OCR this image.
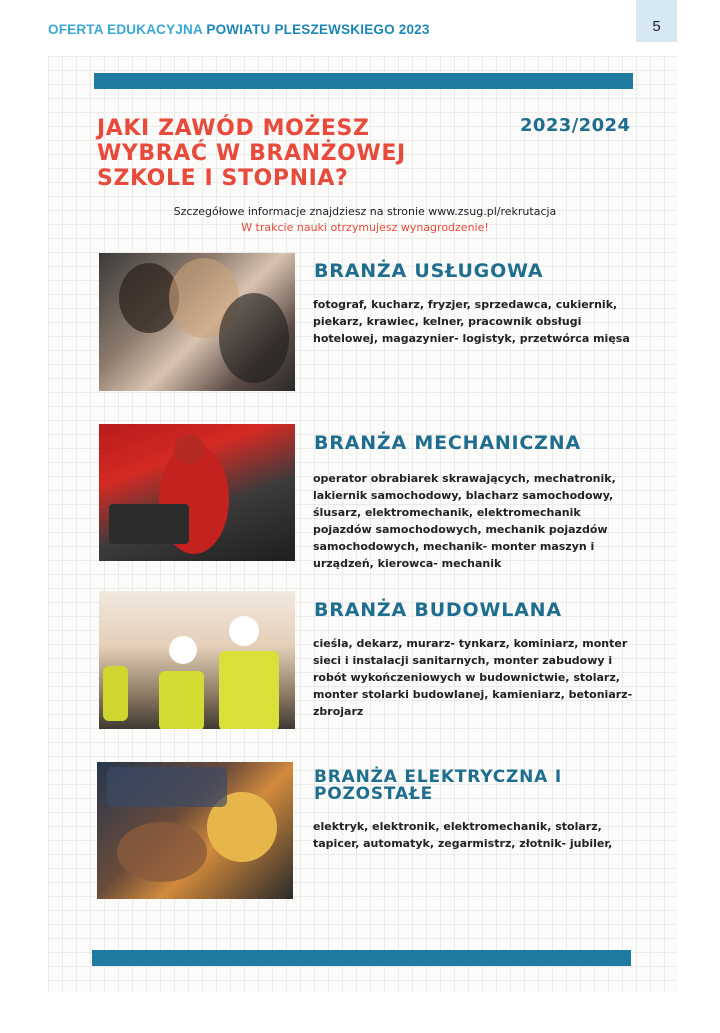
OFERTA EDUKACYJNA POWIATU PLESZEWSKIEGO 2023	5
JAKI ZAWÓD MOŻESZ WYBRAĆ W BRANŻOWEJ SZKOLE I STOPNIA?
2023/2024
Szczegółowe informacje znajdziesz na stronie www.zsug.pl/rekrutacja
W trakcie nauki otrzymujesz wynagrodzenie!
BRANŻA USŁUGOWA
fotograf, kucharz, fryzjer, sprzedawca, cukiernik, piekarz, krawiec, kelner, pracownik obsługi hotelowej, magazynier- logistyk, przetwórca mięsa
BRANŻA MECHANICZNA
operator obrabiarek skrawających, mechatronik, lakiernik samochodowy, blacharz samochodowy, ślusarz, elektromechanik, elektromechanik pojazdów samochodowych, mechanik pojazdów samochodowych, mechanik- monter maszyn i urządzeń, kierowca- mechanik
BRANŻA BUDOWLANA
cieśla, dekarz, murarz- tynkarz, kominiarz, monter sieci i instalacji sanitarnych, monter zabudowy i robót wykończeniowych w budownictwie, stolarz, monter stolarki budowlanej, kamieniarz, betoniarz- zbrojarz
BRANŻA ELEKTRYCZNA I POZOSTAŁE
elektryk, elektronik, elektromechanik, stolarz, tapicer, automatyk, zegarmistrz, złotnik- jubiler,
